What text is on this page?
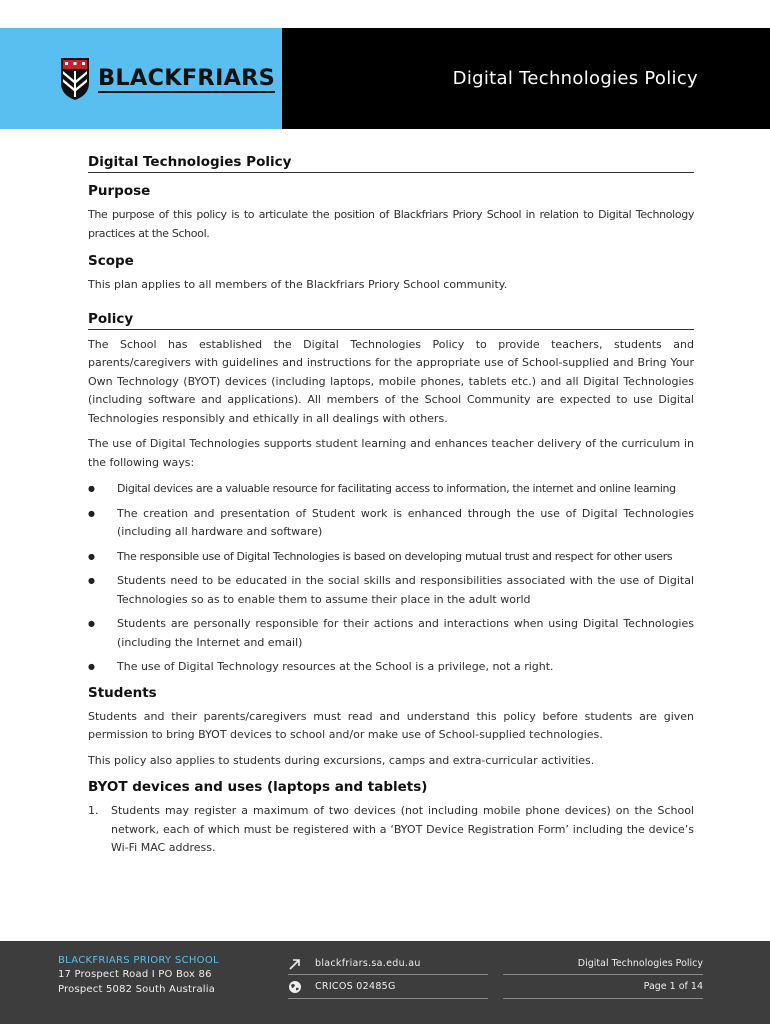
BLACKFRIARS	Digital Technologies Policy
Digital Technologies Policy
Purpose

The purpose of this policy is to articulate the position of Blackfriars Priory School in relation to Digital Technology practices at the School.

Scope

This plan applies to all members of the Blackfriars Priory School community.

Policy

The School has established the Digital Technologies Policy to provide teachers, students and parents/caregivers with guidelines and instructions for the appropriate use of School-supplied and Bring Your Own Technology (BYOT) devices (including laptops, mobile phones, tablets etc.) and all Digital Technologies (including software and applications). All members of the School Community are expected to use Digital Technologies responsibly and ethically in all dealings with others.

The use of Digital Technologies supports student learning and enhances teacher delivery of the curriculum in the following ways:

● Digital devices are a valuable resource for facilitating access to information, the internet and online learning
● The creation and presentation of Student work is enhanced through the use of Digital Technologies (including all hardware and software)
● The responsible use of Digital Technologies is based on developing mutual trust and respect for other users
● Students need to be educated in the social skills and responsibilities associated with the use of Digital Technologies so as to enable them to assume their place in the adult world
● Students are personally responsible for their actions and interactions when using Digital Technologies (including the Internet and email)
● The use of Digital Technology resources at the School is a privilege, not a right.
Students

Students and their parents/caregivers must read and understand this policy before students are given permission to bring BYOT devices to school and/or make use of School-supplied technologies.

This policy also applies to students during excursions, camps and extra-curricular activities.

BYOT devices and uses (laptops and tablets)
1. Students may register a maximum of two devices (not including mobile phone devices) on the School network, each of which must be registered with a ‘BYOT Device Registration Form’ including the device’s Wi-Fi MAC address.
BLACKFRIARS PRIORY SCHOOL
17 Prospect Road I PO Box 86
Prospect 5082 South Australia
blackfriars.sa.edu.au
CRICOS 02485G
Digital Technologies Policy
Page 1 of 14
